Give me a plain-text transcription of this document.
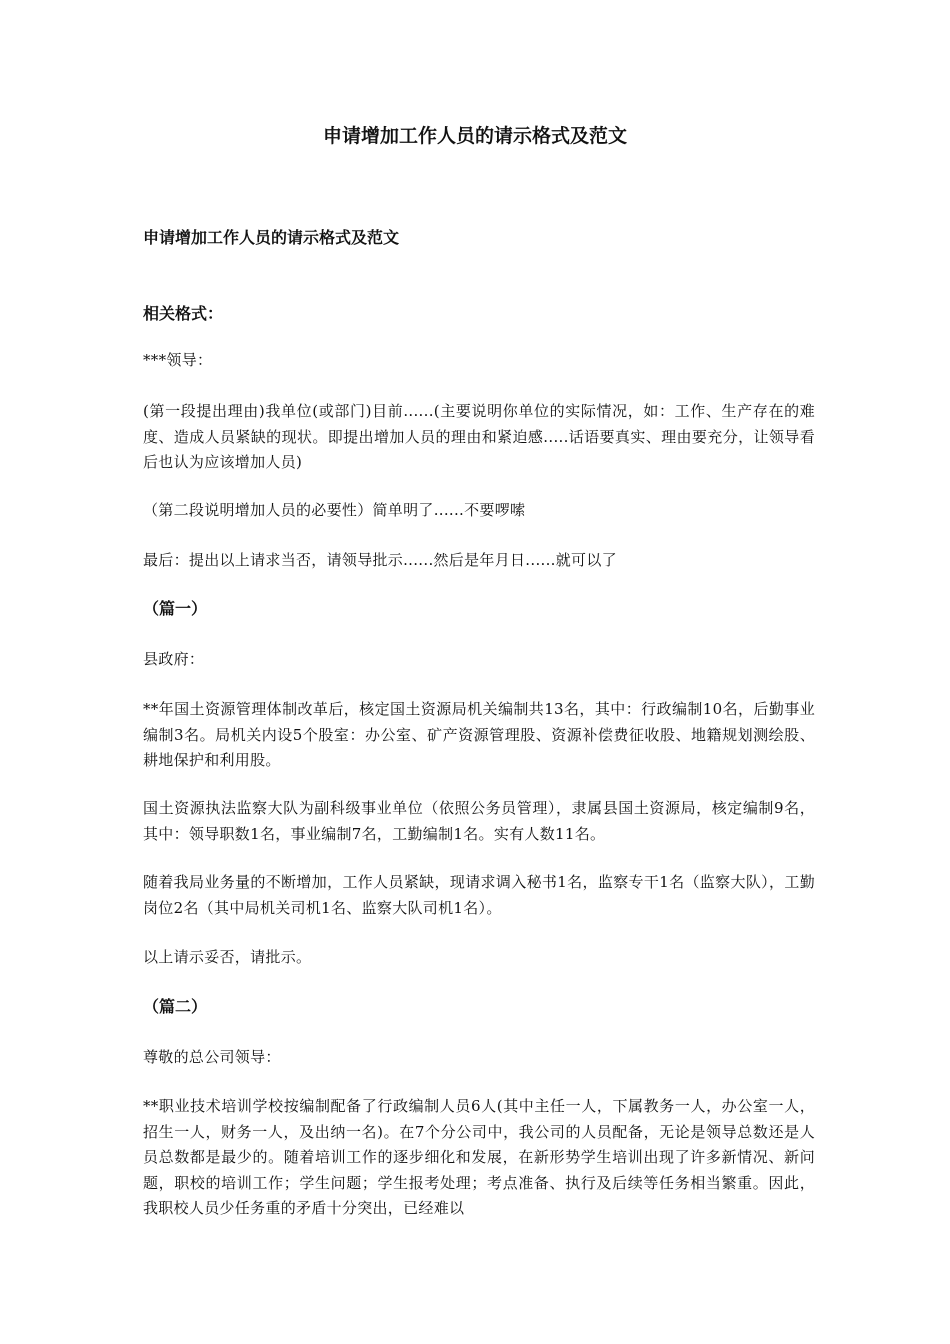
申请增加工作人员的请示格式及范文
申请增加工作人员的请示格式及范文
相关格式：

***领导：

(第一段提出理由)我单位(或部门)目前......(主要说明你单位的实际情况，如：工作、生产存在的难度、造成人员紧缺的现状。即提出增加人员的理由和紧迫感.....话语要真实、理由要充分，让领导看后也认为应该增加人员)

（第二段说明增加人员的必要性）简单明了......不要啰嗦

最后：提出以上请求当否，请领导批示......然后是年月日......就可以了

（篇一）

县政府：

**年国土资源管理体制改革后，核定国土资源局机关编制共13名，其中：行政编制10名，后勤事业编制3名。局机关内设5个股室：办公室、矿产资源管理股、资源补偿费征收股、地籍规划测绘股、耕地保护和利用股。

国土资源执法监察大队为副科级事业单位（依照公务员管理），隶属县国土资源局，核定编制9名，其中：领导职数1名，事业编制7名，工勤编制1名。实有人数11名。

随着我局业务量的不断增加，工作人员紧缺，现请求调入秘书1名，监察专干1名（监察大队），工勤岗位2名（其中局机关司机1名、监察大队司机1名）。

以上请示妥否，请批示。

（篇二）

尊敬的总公司领导：

**职业技术培训学校按编制配备了行政编制人员6人(其中主任一人，下属教务一人，办公室一人，招生一人，财务一人，及出纳一名)。在7个分公司中，我公司的人员配备，无论是领导总数还是人员总数都是最少的。随着培训工作的逐步细化和发展，在新形势学生培训出现了许多新情况、新问题，职校的培训工作；学生问题；学生报考处理；考点准备、执行及后续等任务相当繁重。因此，我职校人员少任务重的矛盾十分突出，已经难以
